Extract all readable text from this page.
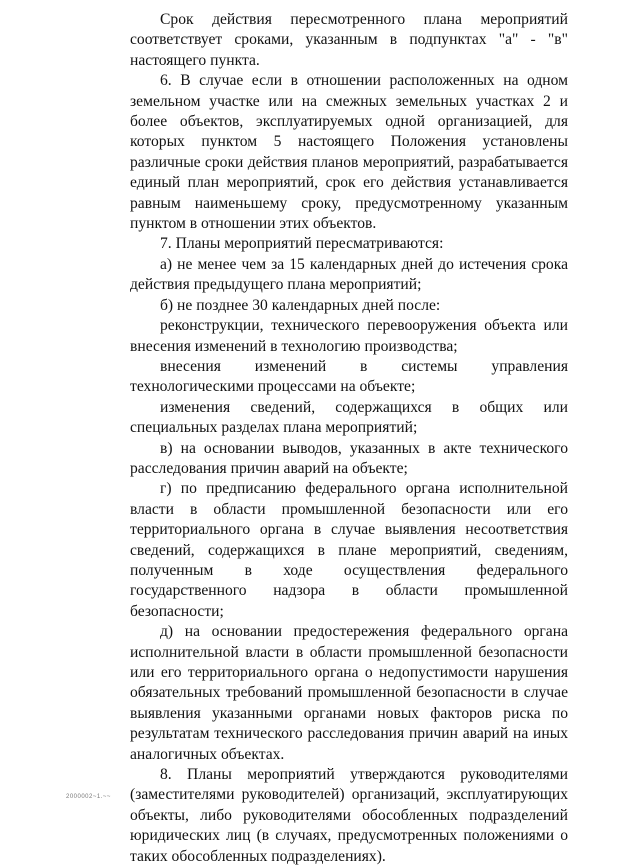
Срок действия пересмотренного плана мероприятий соответствует сроками, указанным в подпунктах "а" - "в" настоящего пункта.

6. В случае если в отношении расположенных на одном земельном участке или на смежных земельных участках 2 и более объектов, эксплуатируемых одной организацией, для которых пунктом 5 настоящего Положения установлены различные сроки действия планов мероприятий, разрабатывается единый план мероприятий, срок его действия устанавливается равным наименьшему сроку, предусмотренному указанным пунктом в отношении этих объектов.

7. Планы мероприятий пересматриваются:

а) не менее чем за 15 календарных дней до истечения срока действия предыдущего плана мероприятий;

б) не позднее 30 календарных дней после:

реконструкции, технического перевооружения объекта или внесения изменений в технологию производства;

внесения изменений в системы управления технологическими процессами на объекте;

изменения сведений, содержащихся в общих или специальных разделах плана мероприятий;

в) на основании выводов, указанных в акте технического расследования причин аварий на объекте;

г) по предписанию федерального органа исполнительной власти в области промышленной безопасности или его территориального органа в случае выявления несоответствия сведений, содержащихся в плане мероприятий, сведениям, полученным в ходе осуществления федерального государственного надзора в области промышленной безопасности;

д) на основании предостережения федерального органа исполнительной власти в области промышленной безопасности или его территориального органа о недопустимости нарушения обязательных требований промышленной безопасности в случае выявления указанными органами новых факторов риска по результатам технического расследования причин аварий на иных аналогичных объектах.

8. Планы мероприятий утверждаются руководителями (заместителями руководителей) организаций, эксплуатирующих объекты, либо руководителями обособленных подразделений юридических лиц (в случаях, предусмотренных положениями о таких обособленных подразделениях).

2000002~1.~~
